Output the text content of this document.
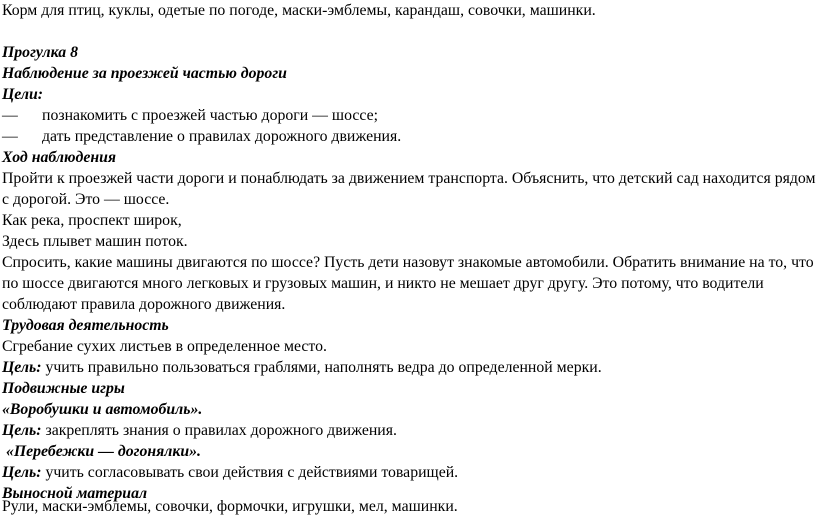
Корм для птиц, куклы, одетые по погоде, маски-эмблемы, карандаш, совочки, машинки.
Прогулка 8
Наблюдение за проезжей частью дороги
Цели:
— познакомить с проезжей частью дороги — шоссе;
— дать представление о правилах дорожного движения.
Ход наблюдения
Пройти к проезжей части дороги и понаблюдать за движением транспорта. Объяснить, что детский сад находится рядом
с дорогой. Это — шоссе.
Как река, проспект широк,
Здесь плывет машин поток.
Спросить, какие машины двигаются по шоссе? Пусть дети назовут знакомые автомобили. Обратить внимание на то, что
по шоссе двигаются много легковых и грузовых машин, и никто не мешает друг другу. Это потому, что водители
соблюдают правила дорожного движения.
Трудовая деятельность
Сгребание сухих листьев в определенное место.
Цель: учить правильно пользоваться граблями, наполнять ведра до определенной мерки.
Подвижные игры
«Воробушки и автомобиль».
Цель: закреплять знания о правилах дорожного движения.
«Перебежки — догонялки».
Цель: учить согласовывать свои действия с действиями товарищей.
Выносной материал
Рули, маски-эмблемы, совочки, формочки, игрушки, мел, машинки.
